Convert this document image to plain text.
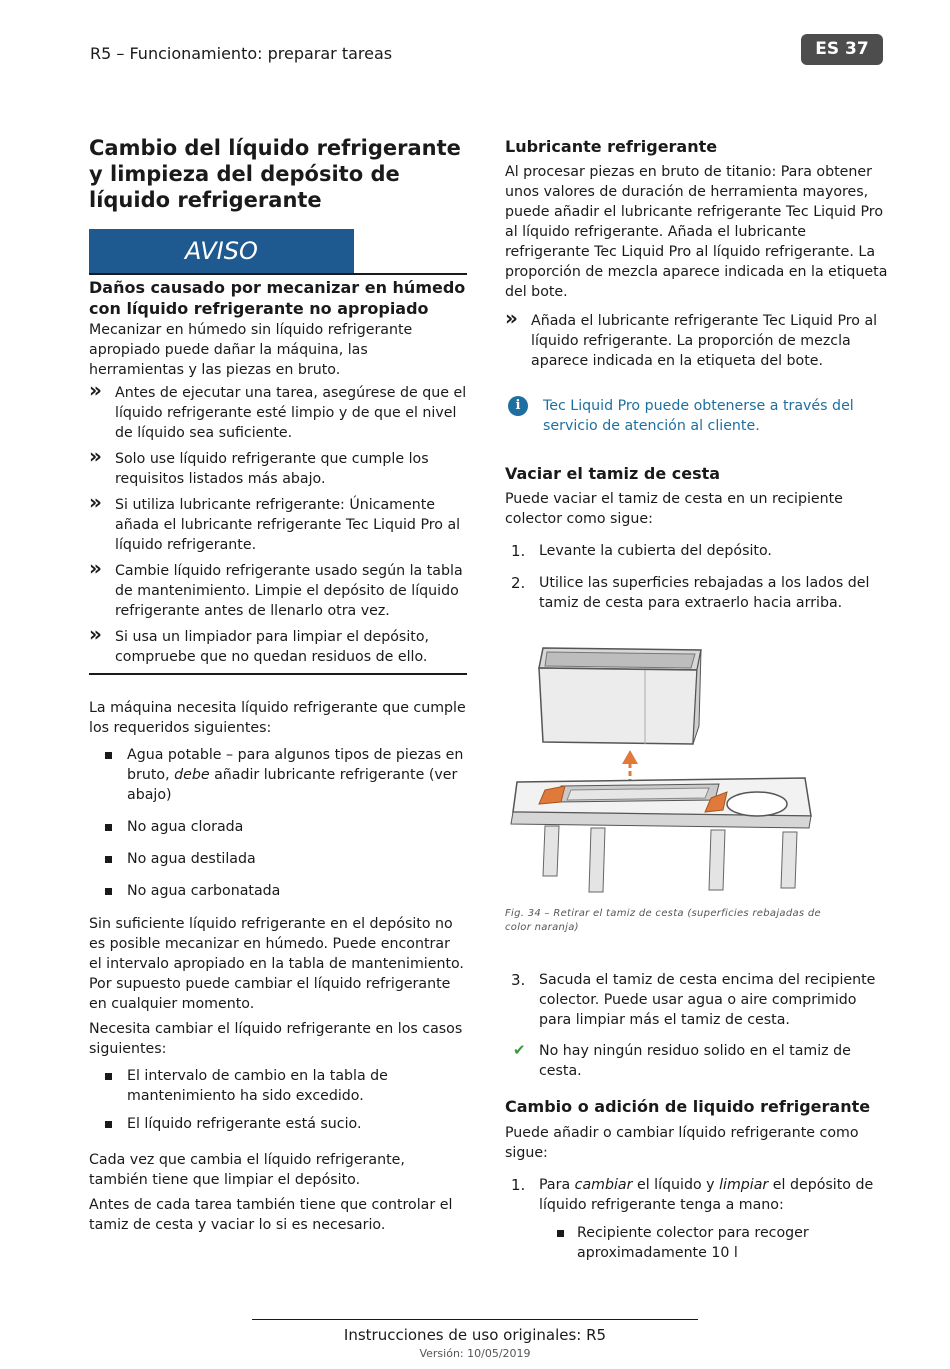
R5 – Funcionamiento: preparar tareas	ES 37
Cambio del líquido refrigerante y limpieza del depósito de líquido refrigerante
AVISO
Daños causado por mecanizar en húmedo con líquido refrigerante no apropiado
Mecanizar en húmedo sin líquido refrigerante apropiado puede dañar la máquina, las herramientas y las piezas en bruto.
» Antes de ejecutar una tarea, asegúrese de que el líquido refrigerante esté limpio y de que el nivel de líquido sea suficiente.
» Solo use líquido refrigerante que cumple los requisitos listados más abajo.
» Si utiliza lubricante refrigerante: Únicamente añada el lubricante refrigerante Tec Liquid Pro al líquido refrigerante.
» Cambie líquido refrigerante usado según la tabla de mantenimiento. Limpie el depósito de líquido refrigerante antes de llenarlo otra vez.
» Si usa un limpiador para limpiar el depósito, compruebe que no quedan residuos de ello.
La máquina necesita líquido refrigerante que cumple los requeridos siguientes:
Agua potable – para algunos tipos de piezas en bruto, debe añadir lubricante refrigerante (ver abajo)
No agua clorada
No agua destilada
No agua carbonatada
Sin suficiente líquido refrigerante en el depósito no es posible mecanizar en húmedo. Puede encontrar el intervalo apropiado en la tabla de mantenimiento. Por supuesto puede cambiar el líquido refrigerante en cualquier momento.
Necesita cambiar el líquido refrigerante en los casos siguientes:
El intervalo de cambio en la tabla de mantenimiento ha sido excedido.
El líquido refrigerante está sucio.
Cada vez que cambia el líquido refrigerante, también tiene que limpiar el depósito.
Antes de cada tarea también tiene que controlar el tamiz de cesta y vaciar lo si es necesario.
Lubricante refrigerante
Al procesar piezas en bruto de titanio: Para obtener unos valores de duración de herramienta mayores, puede añadir el lubricante refrigerante Tec Liquid Pro al líquido refrigerante. Añada el lubricante refrigerante Tec Liquid Pro al líquido refrigerante. La proporción de mezcla aparece indicada en la etiqueta del bote.
» Añada el lubricante refrigerante Tec Liquid Pro al líquido refrigerante. La proporción de mezcla aparece indicada en la etiqueta del bote.
i	Tec Liquid Pro puede obtenerse a través del servicio de atención al cliente.
Vaciar el tamiz de cesta
Puede vaciar el tamiz de cesta en un recipiente colector como sigue:
1. Levante la cubierta del depósito.
2. Utilice las superficies rebajadas a los lados del tamiz de cesta para extraerlo hacia arriba.
Fig. 34 – Retirar el tamiz de cesta (superficies rebajadas de color naranja)
3. Sacuda el tamiz de cesta encima del recipiente colector. Puede usar agua o aire comprimido para limpiar más el tamiz de cesta.
✔ No hay ningún residuo solido en el tamiz de cesta.
Cambio o adición de liquido refrigerante
Puede añadir o cambiar líquido refrigerante como sigue:
1. Para cambiar el líquido y limpiar el depósito de líquido refrigerante tenga a mano:
Recipiente colector para recoger aproximadamente 10 l
Instrucciones de uso originales: R5
Versión: 10/05/2019
